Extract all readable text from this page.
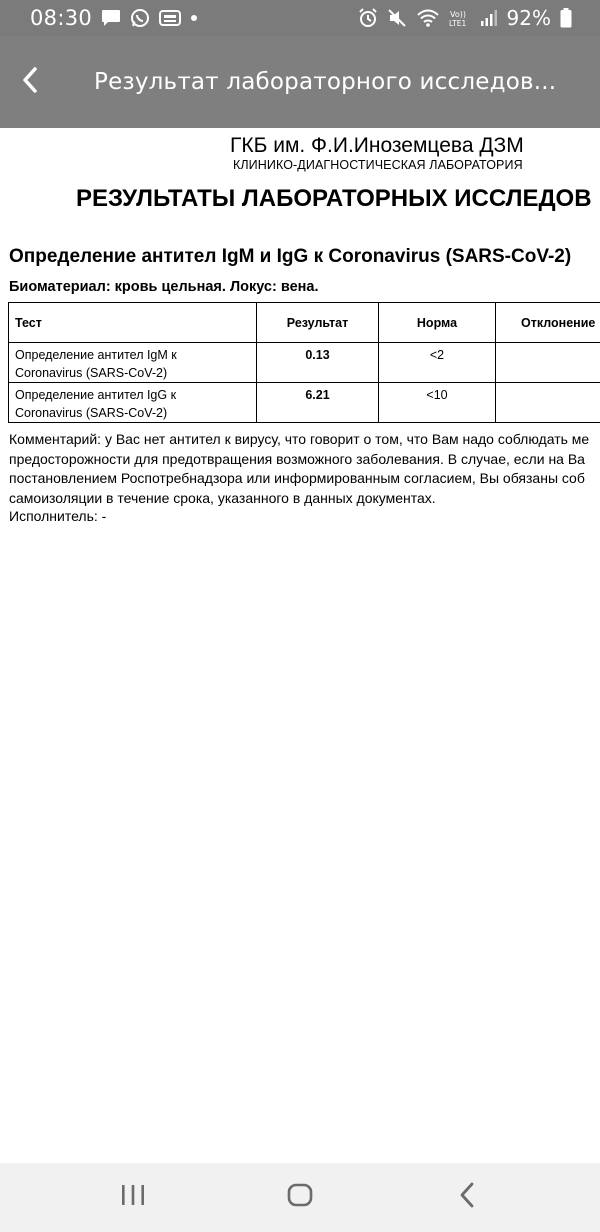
08:30	Vo))
LTE1 92%
Результат лабораторного исследов...
ГКБ им. Ф.И.Иноземцева ДЗМ
КЛИНИКО-ДИАГНОСТИЧЕСКАЯ ЛАБОРАТОРИЯ
РЕЗУЛЬТАТЫ ЛАБОРАТОРНЫХ ИССЛЕДОВ
Определение антител IgM и IgG к Coronavirus (SARS-CoV-2)
Биоматериал: кровь цельная. Локус: вена.
Тест	Результат	Норма	Отклонение

Определение антител IgM к
Coronavirus (SARS-CoV-2)	0.13	<2	

Определение антител IgG к
Coronavirus (SARS-CoV-2)	6.21	<10	
Комментарий: у Вас нет антител к вирусу, что говорит о том, что Вам надо соблюдать ме
предосторожности для предотвращения возможного заболевания. В случае, если на Ва
постановлением Роспотребнадзора или информированным согласием, Вы обязаны соб
самоизоляции в течение срока, указанного в данных документах.
Исполнитель: -
